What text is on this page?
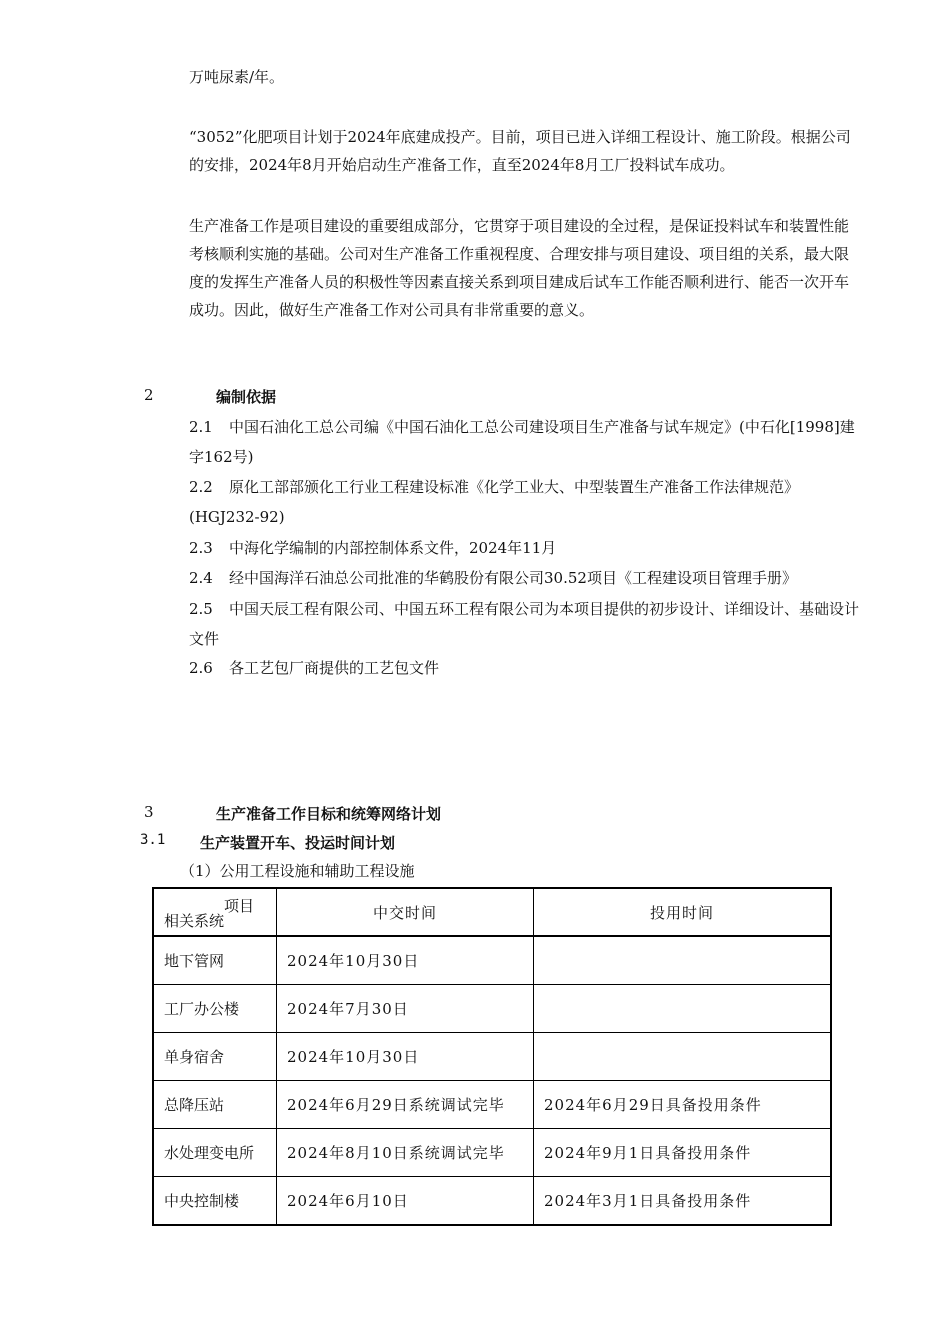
万吨尿素/年。

“3052”化肥项目计划于2024年底建成投产。目前，项目已进入详细工程设计、施工阶段。根据公司的安排，2024年8月开始启动生产准备工作，直至2024年8月工厂投料试车成功。

生产准备工作是项目建设的重要组成部分，它贯穿于项目建设的全过程，是保证投料试车和装置性能考核顺利实施的基础。公司对生产准备工作重视程度、合理安排与项目建设、项目组的关系，最大限度的发挥生产准备人员的积极性等因素直接关系到项目建成后试车工作能否顺利进行、能否一次开车成功。因此，做好生产准备工作对公司具有非常重要的意义。

2	编制依据

2.1 中国石油化工总公司编《中国石油化工总公司建设项目生产准备与试车规定》(中石化[1998]建字162号)

2.2 原化工部部颁化工行业工程建设标准《化学工业大、中型装置生产准备工作法律规范》(HGJ232-92)

2.3 中海化学编制的内部控制体系文件，2024年11月

2.4 经中国海洋石油总公司批准的华鹤股份有限公司30.52项目《工程建设项目管理手册》

2.5 中国天辰工程有限公司、中国五环工程有限公司为本项目提供的初步设计、详细设计、基础设计文件

2.6 各工艺包厂商提供的工艺包文件

3	生产准备工作目标和统筹网络计划

3.1 生产装置开车、投运时间计划

（1）公用工程设施和辅助工程设施

项目
相关系统	中交时间	投用时间
地下管网	2024年10月30日	
工厂办公楼	2024年7月30日	
单身宿舍	2024年10月30日	
总降压站	2024年6月29日系统调试完毕	2024年6月29日具备投用条件
水处理变电所	2024年8月10日系统调试完毕	2024年9月1日具备投用条件
中央控制楼	2024年6月10日	2024年3月1日具备投用条件
